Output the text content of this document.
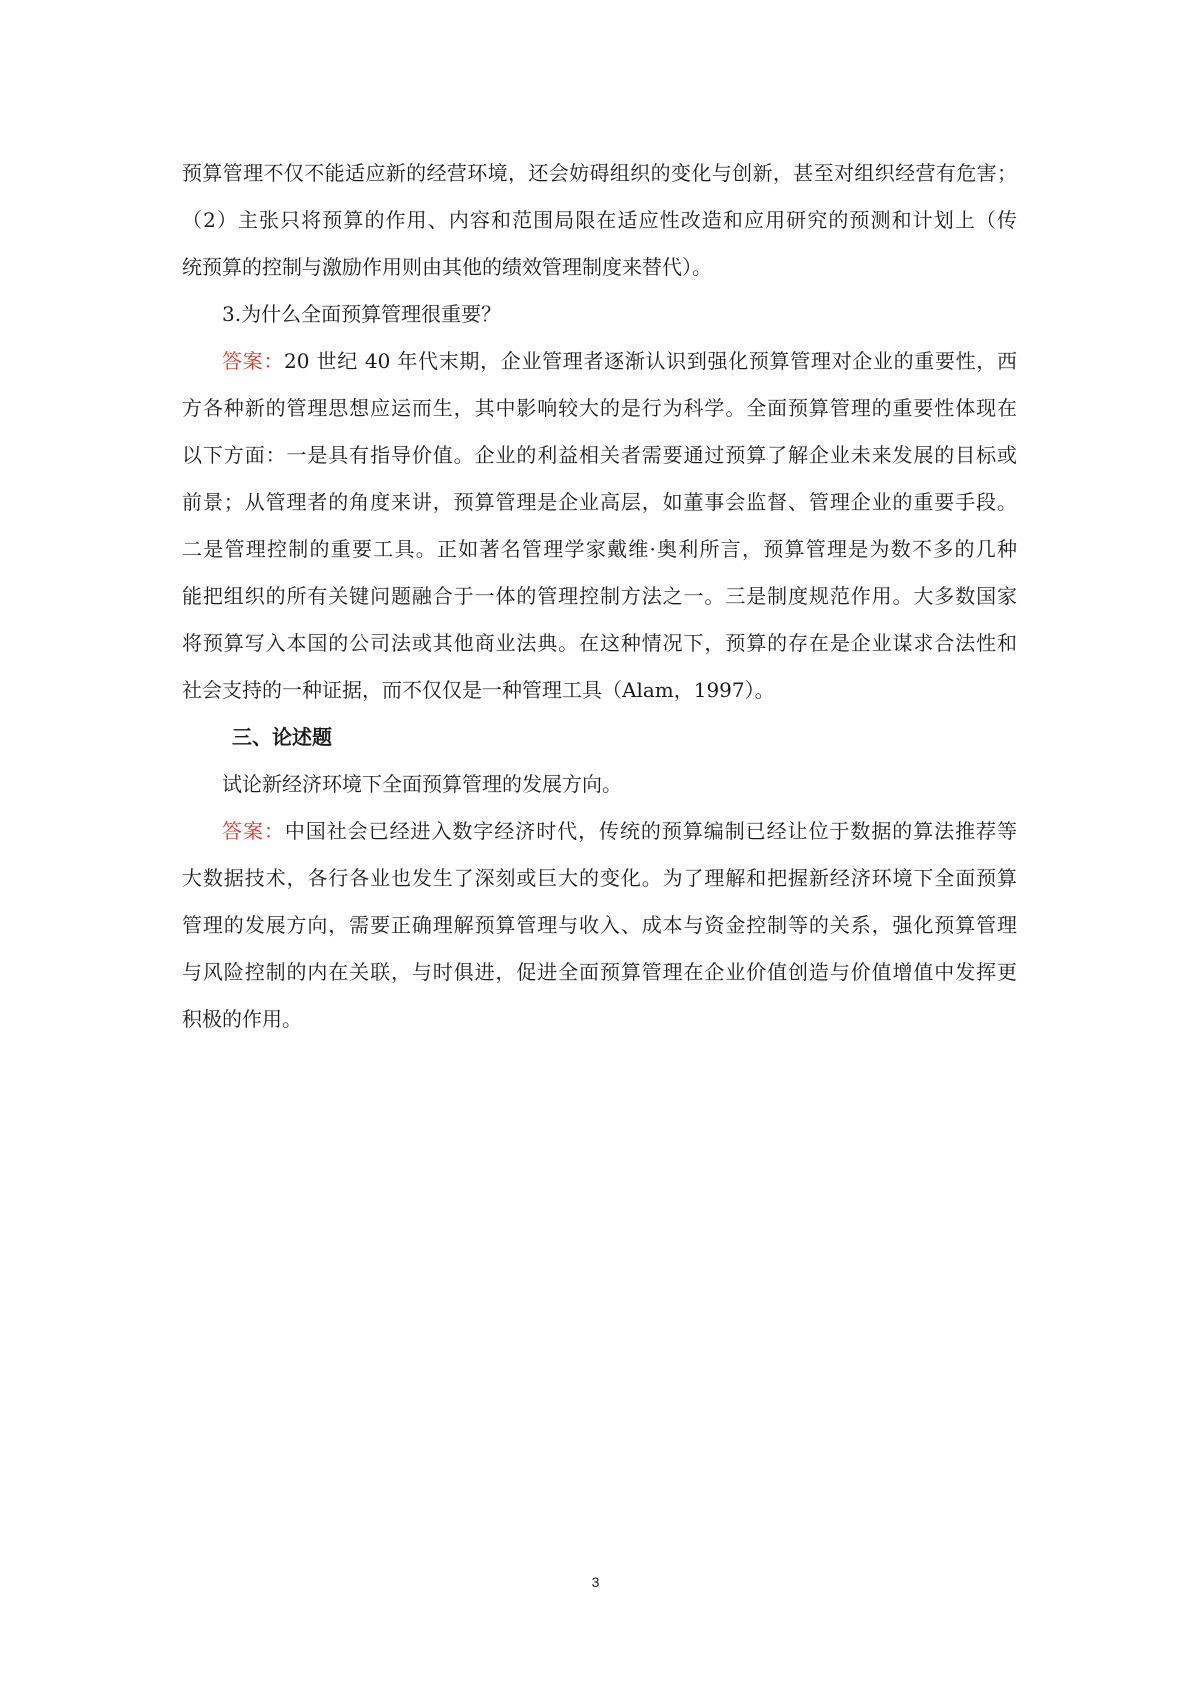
预算管理不仅不能适应新的经营环境，还会妨碍组织的变化与创新，甚至对组织经营有危害；
（2）主张只将预算的作用、内容和范围局限在适应性改造和应用研究的预测和计划上（传
统预算的控制与激励作用则由其他的绩效管理制度来替代）。
3.为什么全面预算管理很重要？
答案：20 世纪 40 年代末期，企业管理者逐渐认识到强化预算管理对企业的重要性，西
方各种新的管理思想应运而生，其中影响较大的是行为科学。全面预算管理的重要性体现在
以下方面：一是具有指导价值。企业的利益相关者需要通过预算了解企业未来发展的目标或
前景；从管理者的角度来讲，预算管理是企业高层，如董事会监督、管理企业的重要手段。
二是管理控制的重要工具。正如著名管理学家戴维·奥利所言，预算管理是为数不多的几种
能把组织的所有关键问题融合于一体的管理控制方法之一。三是制度规范作用。大多数国家
将预算写入本国的公司法或其他商业法典。在这种情况下，预算的存在是企业谋求合法性和
社会支持的一种证据，而不仅仅是一种管理工具（Alam，1997）。
三、论述题
试论新经济环境下全面预算管理的发展方向。
答案：中国社会已经进入数字经济时代，传统的预算编制已经让位于数据的算法推荐等
大数据技术，各行各业也发生了深刻或巨大的变化。为了理解和把握新经济环境下全面预算
管理的发展方向，需要正确理解预算管理与收入、成本与资金控制等的关系，强化预算管理
与风险控制的内在关联，与时俱进，促进全面预算管理在企业价值创造与价值增值中发挥更
积极的作用。
3
